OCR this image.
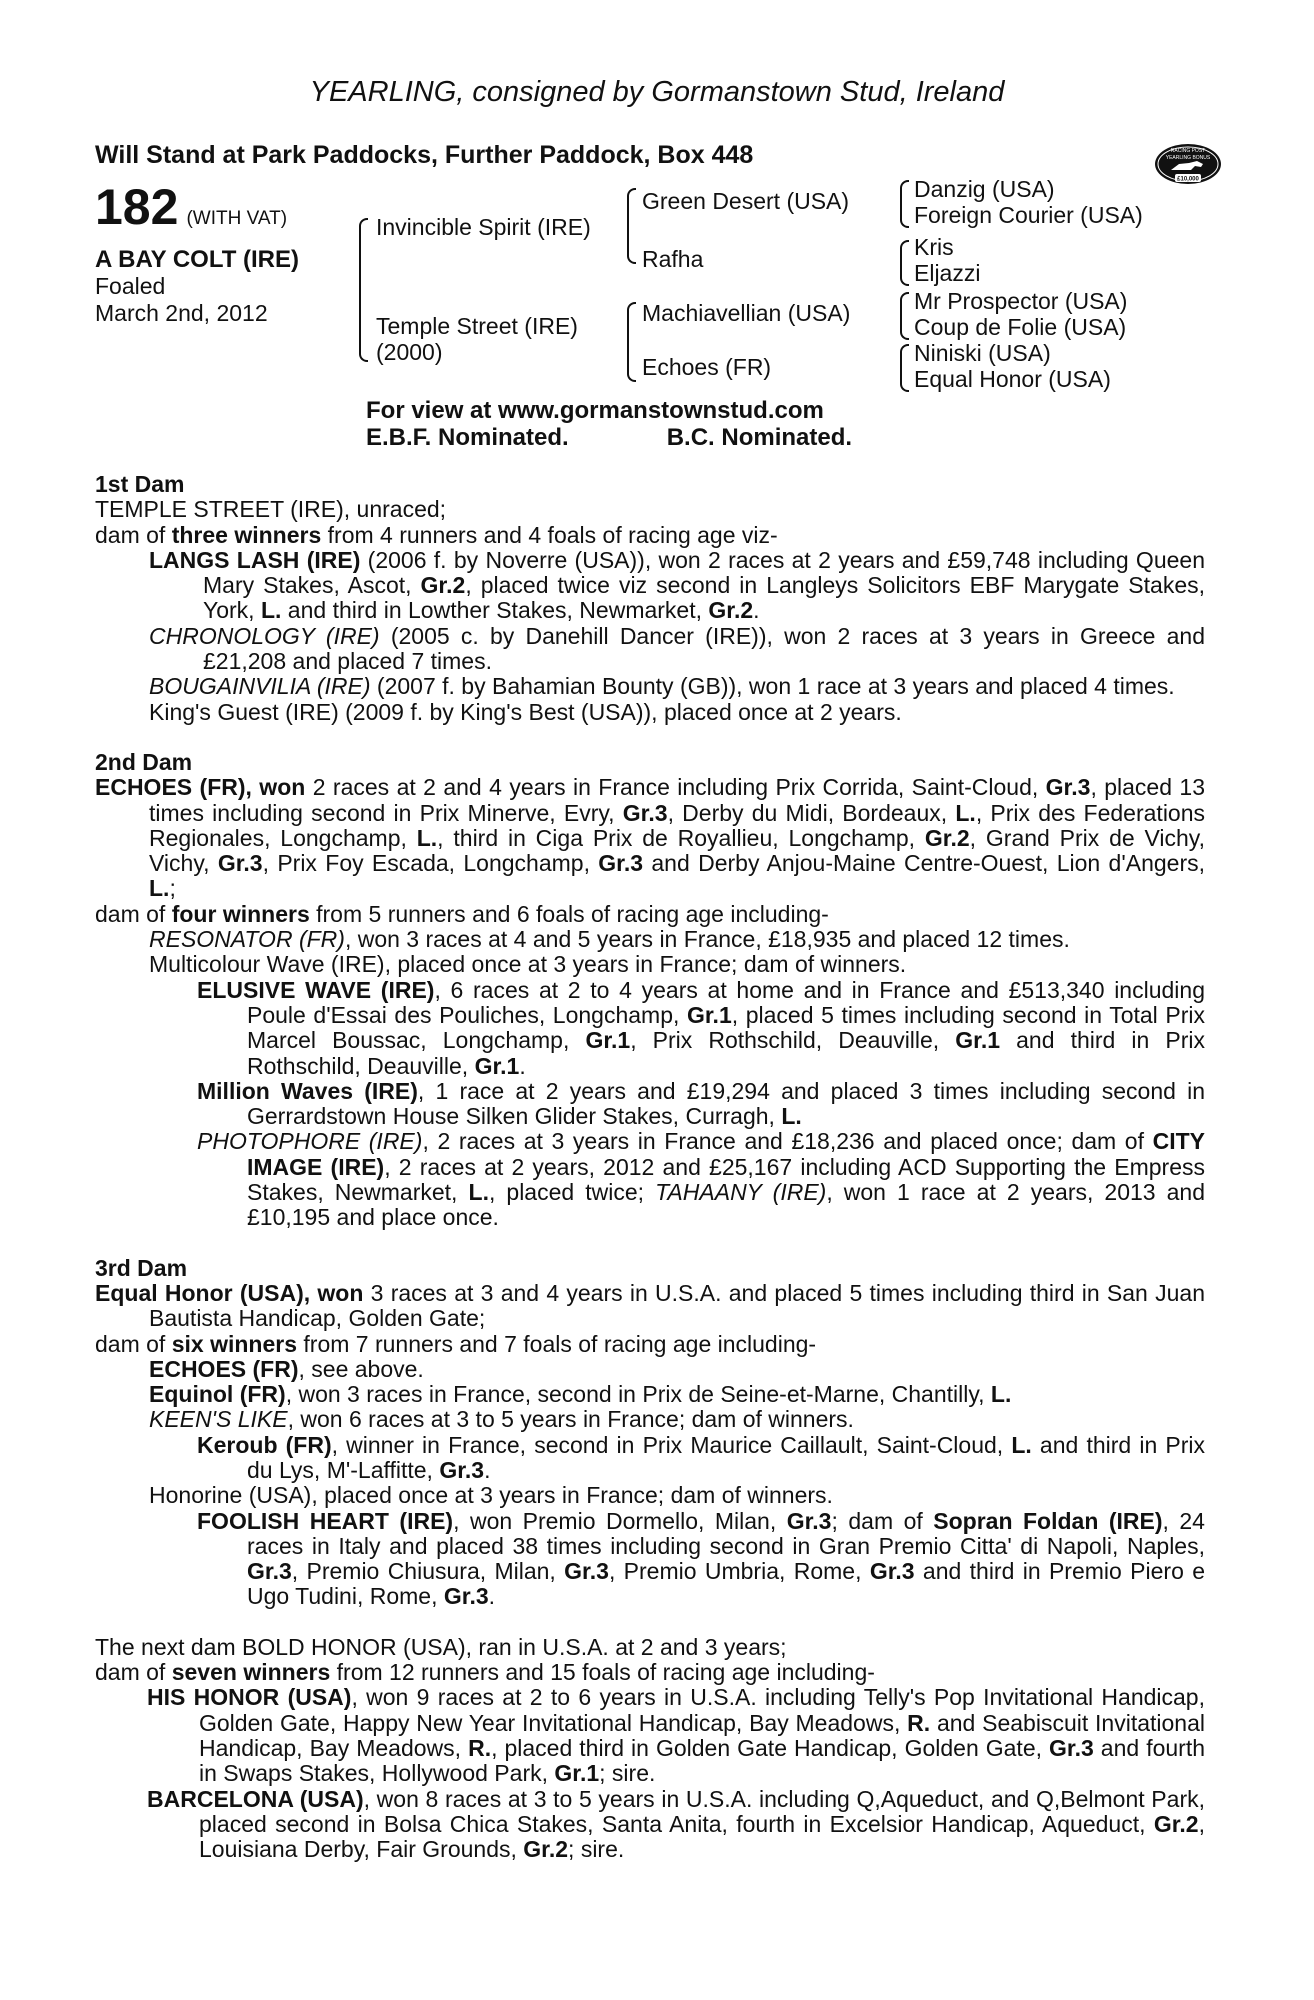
YEARLING, consigned by Gormanstown Stud, Ireland
Will Stand at Park Paddocks, Further Paddock, Box 448	RACING POST
YEARLING BONUS
£10,000
182 (WITH VAT)
A BAY COLT (IRE)
Foaled
March 2nd, 2012
Invincible Spirit (IRE)
Temple Street (IRE)
(2000)
Green Desert (USA)
Rafha
Machiavellian (USA)
Echoes (FR)
Danzig (USA)
Foreign Courier (USA)
Kris
Eljazzi
Mr Prospector (USA)
Coup de Folie (USA)
Niniski (USA)
Equal Honor (USA)
For view at www.gormanstownstud.com
E.B.F. Nominated.	B.C. Nominated.
1st Dam
TEMPLE STREET (IRE), unraced;
dam of three winners from 4 runners and 4 foals of racing age viz-
LANGS LASH (IRE) (2006 f. by Noverre (USA)), won 2 races at 2 years and £59,748 including Queen Mary Stakes, Ascot, Gr.2, placed twice viz second in Langleys Solicitors EBF Marygate Stakes, York, L. and third in Lowther Stakes, Newmarket, Gr.2.
CHRONOLOGY (IRE) (2005 c. by Danehill Dancer (IRE)), won 2 races at 3 years in Greece and £21,208 and placed 7 times.
BOUGAINVILIA (IRE) (2007 f. by Bahamian Bounty (GB)), won 1 race at 3 years and placed 4 times.
King's Guest (IRE) (2009 f. by King's Best (USA)), placed once at 2 years.
2nd Dam
ECHOES (FR), won 2 races at 2 and 4 years in France including Prix Corrida, Saint-Cloud, Gr.3, placed 13 times including second in Prix Minerve, Evry, Gr.3, Derby du Midi, Bordeaux, L., Prix des Federations Regionales, Longchamp, L., third in Ciga Prix de Royallieu, Longchamp, Gr.2, Grand Prix de Vichy, Vichy, Gr.3, Prix Foy Escada, Longchamp, Gr.3 and Derby Anjou-Maine Centre-Ouest, Lion d'Angers, L.;
dam of four winners from 5 runners and 6 foals of racing age including-
RESONATOR (FR), won 3 races at 4 and 5 years in France, £18,935 and placed 12 times.
Multicolour Wave (IRE), placed once at 3 years in France; dam of winners.
ELUSIVE WAVE (IRE), 6 races at 2 to 4 years at home and in France and £513,340 including Poule d'Essai des Pouliches, Longchamp, Gr.1, placed 5 times including second in Total Prix Marcel Boussac, Longchamp, Gr.1, Prix Rothschild, Deauville, Gr.1 and third in Prix Rothschild, Deauville, Gr.1.
Million Waves (IRE), 1 race at 2 years and £19,294 and placed 3 times including second in Gerrardstown House Silken Glider Stakes, Curragh, L.
PHOTOPHORE (IRE), 2 races at 3 years in France and £18,236 and placed once; dam of CITY IMAGE (IRE), 2 races at 2 years, 2012 and £25,167 including ACD Supporting the Empress Stakes, Newmarket, L., placed twice; TAHAANY (IRE), won 1 race at 2 years, 2013 and £10,195 and place once.
3rd Dam
Equal Honor (USA), won 3 races at 3 and 4 years in U.S.A. and placed 5 times including third in San Juan Bautista Handicap, Golden Gate;
dam of six winners from 7 runners and 7 foals of racing age including-
ECHOES (FR), see above.
Equinol (FR), won 3 races in France, second in Prix de Seine-et-Marne, Chantilly, L.
KEEN'S LIKE, won 6 races at 3 to 5 years in France; dam of winners.
Keroub (FR), winner in France, second in Prix Maurice Caillault, Saint-Cloud, L. and third in Prix du Lys, M'-Laffitte, Gr.3.
Honorine (USA), placed once at 3 years in France; dam of winners.
FOOLISH HEART (IRE), won Premio Dormello, Milan, Gr.3; dam of Sopran Foldan (IRE), 24 races in Italy and placed 38 times including second in Gran Premio Citta' di Napoli, Naples, Gr.3, Premio Chiusura, Milan, Gr.3, Premio Umbria, Rome, Gr.3 and third in Premio Piero e Ugo Tudini, Rome, Gr.3.
The next dam BOLD HONOR (USA), ran in U.S.A. at 2 and 3 years;
dam of seven winners from 12 runners and 15 foals of racing age including-
HIS HONOR (USA), won 9 races at 2 to 6 years in U.S.A. including Telly's Pop Invitational Handicap, Golden Gate, Happy New Year Invitational Handicap, Bay Meadows, R. and Seabiscuit Invitational Handicap, Bay Meadows, R., placed third in Golden Gate Handicap, Golden Gate, Gr.3 and fourth in Swaps Stakes, Hollywood Park, Gr.1; sire.
BARCELONA (USA), won 8 races at 3 to 5 years in U.S.A. including Q,Aqueduct, and Q,Belmont Park, placed second in Bolsa Chica Stakes, Santa Anita, fourth in Excelsior Handicap, Aqueduct, Gr.2, Louisiana Derby, Fair Grounds, Gr.2; sire.
